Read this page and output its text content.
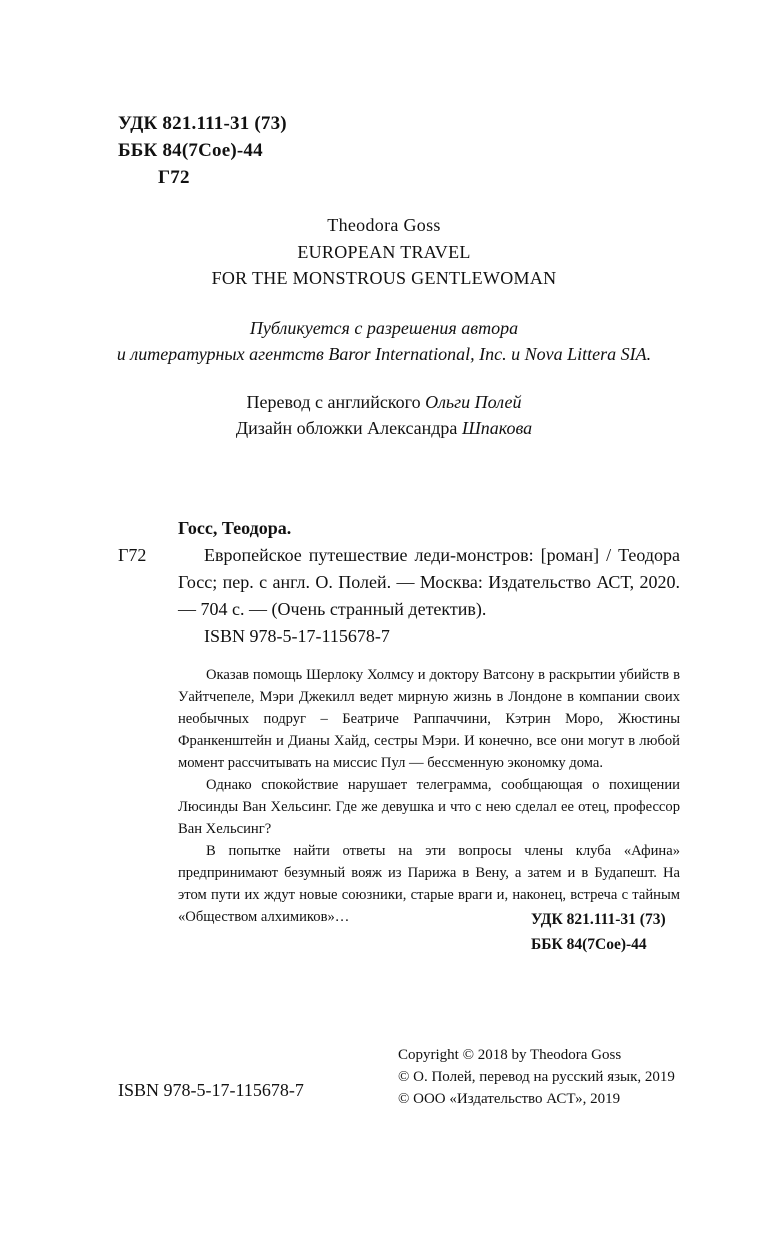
УДК 821.111-31 (73)
ББК 84(7Сое)-44
Г72
Theodora Goss
EUROPEAN TRAVEL
FOR THE MONSTROUS GENTLEWOMAN
Публикуется с разрешения автора
и литературных агентств Baror International, Inc. и Nova Littera SIA.
Перевод с английского Ольги Полей
Дизайн обложки Александра Шпакова
Госс, Теодора.
Г72	Европейское путешествие леди-монстров: [роман] / Теодора Госс; пер. с англ. О. Полей. — Москва: Издательство АСТ, 2020. — 704 с. — (Очень странный детектив).
ISBN 978-5-17-115678-7

Оказав помощь Шерлоку Холмсу и доктору Ватсону в раскрытии убийств в Уайтчепеле, Мэри Джекилл ведет мирную жизнь в Лондоне в компании своих необычных подруг – Беатриче Раппаччини, Кэтрин Моро, Жюстины Франкенштейн и Дианы Хайд, сестры Мэри. И конечно, все они могут в любой момент рассчитывать на миссис Пул — бессменную экономку дома.

Однако спокойствие нарушает телеграмма, сообщающая о похищении Люсинды Ван Хельсинг. Где же девушка и что с нею сделал ее отец, профессор Ван Хельсинг?

В попытке найти ответы на эти вопросы члены клуба «Афина» предпринимают безумный вояж из Парижа в Вену, а затем и в Будапешт. На этом пути их ждут новые союзники, старые враги и, наконец, встреча с тайным «Обществом алхимиков»…	УДК 821.111-31 (73)
ББК 84(7Сое)-44
ISBN 978-5-17-115678-7
Copyright © 2018 by Theodora Goss
© О. Полей, перевод на русский язык, 2019
© ООО «Издательство АСТ», 2019
